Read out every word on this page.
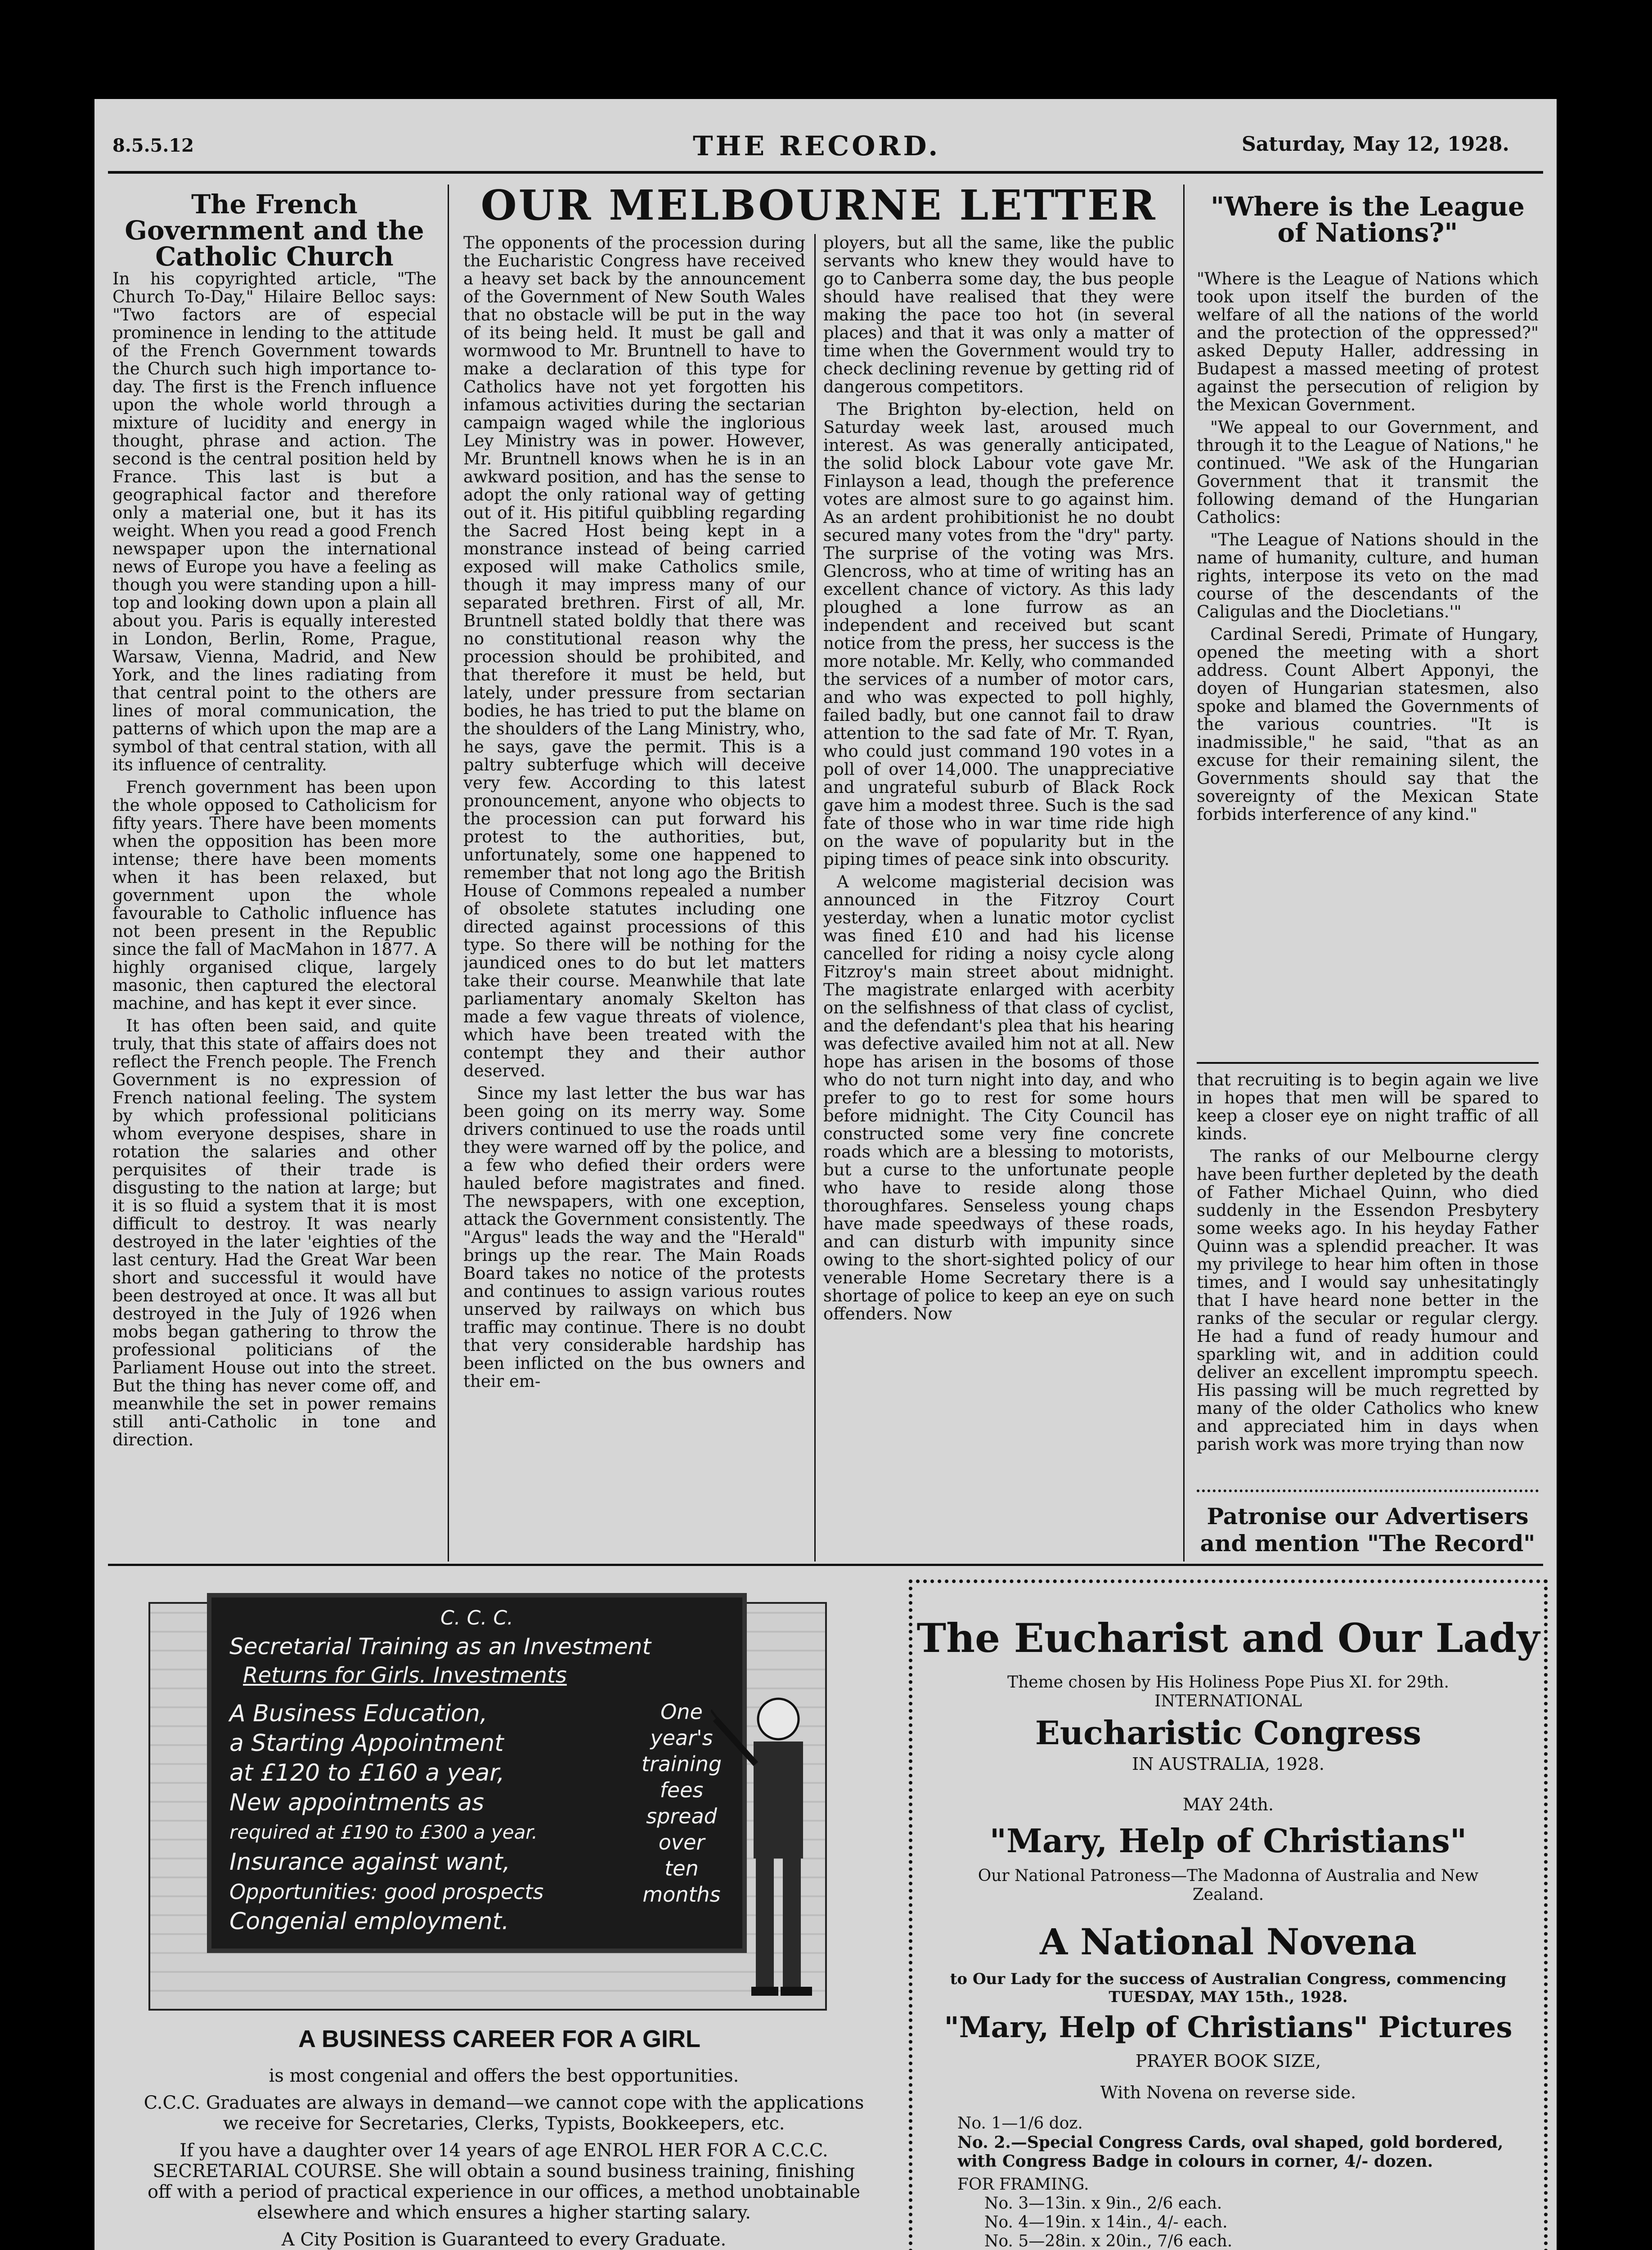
8.5.5.12	THE RECORD.	Saturday, May 12, 1928.
The French Government and the Catholic Church

In his copyrighted article, "The Church To-Day," Hilaire Belloc says: "Two factors are of especial prominence in lending to the attitude of the French Government towards the Church such high importance to-day. The first is the French influence upon the whole world through a mixture of lucidity and energy in thought, phrase and action. The second is the central position held by France. This last is but a geographical factor and therefore only a material one, but it has its weight. When you read a good French newspaper upon the international news of Europe you have a feeling as though you were standing upon a hill-top and looking down upon a plain all about you. Paris is equally interested in London, Berlin, Rome, Prague, Warsaw, Vienna, Madrid, and New York, and the lines radiating from that central point to the others are lines of moral communication, the patterns of which upon the map are a symbol of that central station, with all its influence of centrality.

French government has been upon the whole opposed to Catholicism for fifty years. There have been moments when the opposition has been more intense; there have been moments when it has been relaxed, but government upon the whole favourable to Catholic influence has not been present in the Republic since the fall of MacMahon in 1877. A highly organised clique, largely masonic, then captured the electoral machine, and has kept it ever since.

It has often been said, and quite truly, that this state of affairs does not reflect the French people. The French Government is no expression of French national feeling. The system by which professional politicians whom everyone despises, share in rotation the salaries and other perquisites of their trade is disgusting to the nation at large; but it is so fluid a system that it is most difficult to destroy. It was nearly destroyed in the later 'eighties of the last century. Had the Great War been short and successful it would have been destroyed at once. It was all but destroyed in the July of 1926 when mobs began gathering to throw the professional politicians of the Parliament House out into the street. But the thing has never come off, and meanwhile the set in power remains still anti-Catholic in tone and direction.

OUR MELBOURNE LETTER

The opponents of the procession during the Eucharistic Congress have received a heavy set back by the announcement of the Government of New South Wales that no obstacle will be put in the way of its being held. It must be gall and wormwood to Mr. Bruntnell to have to make a declaration of this type for Catholics have not yet forgotten his infamous activities during the sectarian campaign waged while the inglorious Ley Ministry was in power. However, Mr. Bruntnell knows when he is in an awkward position, and has the sense to adopt the only rational way of getting out of it. His pitiful quibbling regarding the Sacred Host being kept in a monstrance instead of being carried exposed will make Catholics smile, though it may impress many of our separated brethren. First of all, Mr. Bruntnell stated boldly that there was no constitutional reason why the procession should be prohibited, and that therefore it must be held, but lately, under pressure from sectarian bodies, he has tried to put the blame on the shoulders of the Lang Ministry, who, he says, gave the permit. This is a paltry subterfuge which will deceive very few. According to this latest pronouncement, anyone who objects to the procession can put forward his protest to the authorities, but, unfortunately, some one happened to remember that not long ago the British House of Commons repealed a number of obsolete statutes including one directed against processions of this type. So there will be nothing for the jaundiced ones to do but let matters take their course. Meanwhile that late parliamentary anomaly Skelton has made a few vague threats of violence, which have been treated with the contempt they and their author deserved.

Since my last letter the bus war has been going on its merry way. Some drivers continued to use the roads until they were warned off by the police, and a few who defied their orders were hauled before magistrates and fined. The newspapers, with one exception, attack the Government consistently. The "Argus" leads the way and the "Herald" brings up the rear. The Main Roads Board takes no notice of the protests and continues to assign various routes unserved by railways on which bus traffic may continue. There is no doubt that very considerable hardship has been inflicted on the bus owners and their em-

ployers, but all the same, like the public servants who knew they would have to go to Canberra some day, the bus people should have realised that they were making the pace too hot (in several places) and that it was only a matter of time when the Government would try to check declining revenue by getting rid of dangerous competitors.

The Brighton by-election, held on Saturday week last, aroused much interest. As was generally anticipated, the solid block Labour vote gave Mr. Finlayson a lead, though the preference votes are almost sure to go against him. As an ardent prohibitionist he no doubt secured many votes from the "dry" party. The surprise of the voting was Mrs. Glencross, who at time of writing has an excellent chance of victory. As this lady ploughed a lone furrow as an independent and received but scant notice from the press, her success is the more notable. Mr. Kelly, who commanded the services of a number of motor cars, and who was expected to poll highly, failed badly, but one cannot fail to draw attention to the sad fate of Mr. T. Ryan, who could just command 190 votes in a poll of over 14,000. The unappreciative and ungrateful suburb of Black Rock gave him a modest three. Such is the sad fate of those who in war time ride high on the wave of popularity but in the piping times of peace sink into obscurity.

A welcome magisterial decision was announced in the Fitzroy Court yesterday, when a lunatic motor cyclist was fined £10 and had his license cancelled for riding a noisy cycle along Fitzroy's main street about midnight. The magistrate enlarged with acerbity on the selfishness of that class of cyclist, and the defendant's plea that his hearing was defective availed him not at all. New hope has arisen in the bosoms of those who do not turn night into day, and who prefer to go to rest for some hours before midnight. The City Council has constructed some very fine concrete roads which are a blessing to motorists, but a curse to the unfortunate people who have to reside along those thoroughfares. Senseless young chaps have made speedways of these roads, and can disturb with impunity since owing to the short-sighted policy of our venerable Home Secretary there is a shortage of police to keep an eye on such offenders. Now

"Where is the League of Nations?"

"Where is the League of Nations which took upon itself the burden of the welfare of all the nations of the world and the protection of the oppressed?" asked Deputy Haller, addressing in Budapest a massed meeting of protest against the persecution of religion by the Mexican Government.

"We appeal to our Government, and through it to the League of Nations," he continued. "We ask of the Hungarian Government that it transmit the following demand of the Hungarian Catholics:

"The League of Nations should in the name of humanity, culture, and human rights, interpose its veto on the mad course of the descendants of the Caligulas and the Diocletians.'"

Cardinal Seredi, Primate of Hungary, opened the meeting with a short address. Count Albert Apponyi, the doyen of Hungarian statesmen, also spoke and blamed the Governments of the various countries. "It is inadmissible," he said, "that as an excuse for their remaining silent, the Governments should say that the sovereignty of the Mexican State forbids interference of any kind."

that recruiting is to begin again we live in hopes that men will be spared to keep a closer eye on night traffic of all kinds.

The ranks of our Melbourne clergy have been further depleted by the death of Father Michael Quinn, who died suddenly in the Essendon Presbytery some weeks ago. In his heyday Father Quinn was a splendid preacher. It was my privilege to hear him often in those times, and I would say unhesitatingly that I have heard none better in the ranks of the secular or regular clergy. He had a fund of ready humour and sparkling wit, and in addition could deliver an excellent impromptu speech. His passing will be much regretted by many of the older Catholics who knew and appreciated him in days when parish work was more trying than now

Patronise our Advertisers and mention "The Record"
C. C. C.
Secretarial Training as an Investment
Returns for Girls. Investments
A Business Education,
a Starting Appointment
at £120 to £160 a year,
New appointments as
required at £190 to £300 a year.
Insurance against want,
Opportunities: good prospects
Congenial employment.
One year's
training
fees
spread
over
ten
months
A BUSINESS CAREER FOR A GIRL

is most congenial and offers the best opportunities.

C.C.C. Graduates are always in demand—we cannot cope with the applications we receive for Secretaries, Clerks, Typists, Bookkeepers, etc.

If you have a daughter over 14 years of age ENROL HER FOR A C.C.C. SECRETARIAL COURSE. She will obtain a sound business training, finishing off with a period of practical experience in our offices, a method unobtainable elsewhere and which ensures a higher starting salary.

A City Position is Guaranteed to every Graduate.

The Eucharist and Our Lady
Theme chosen by His Holiness Pope Pius XI. for 29th. INTERNATIONAL
Eucharistic Congress
IN AUSTRALIA, 1928.
MAY 24th.
"Mary, Help of Christians"
Our National Patroness—The Madonna of Australia and New Zealand.
A National Novena
to Our Lady for the success of Australian Congress, commencing TUESDAY, MAY 15th., 1928.
"Mary, Help of Christians" Pictures
PRAYER BOOK SIZE,
With Novena on reverse side.
No. 1—1/6 doz.
No. 2.—Special Congress Cards, oval shaped, gold bordered, with Congress Badge in colours in corner, 4/- dozen.
FOR FRAMING.
No. 3—13in. x 9in., 2/6 each.
No. 4—19in. x 14in., 4/- each.
No. 5—28in. x 20in., 7/6 each.
